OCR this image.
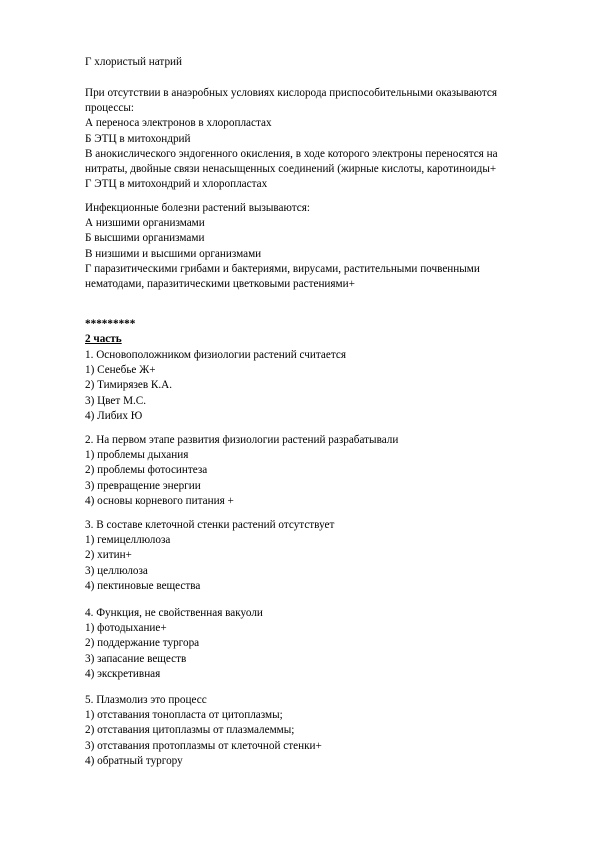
Г хлористый натрий
При отсутствии в анаэробных условиях кислорода приспособительными оказываются
процессы:
А переноса электронов в хлоропластах
Б ЭТЦ в митохондрий
В анокислического эндогенного окисления, в ходе которого электроны переносятся на
нитраты, двойные связи ненасыщенных соединений (жирные кислоты, каротиноиды+
Г ЭТЦ в митохондрий и хлоропластах
Инфекционные болезни растений вызываются:
А низшими организмами
Б высшими организмами
В низшими и высшими организмами
Г паразитическими грибами и бактериями, вирусами, растительными почвенными
нематодами, паразитическими цветковыми растениями+
*********
2 часть
1. Основоположником физиологии растений считается
1) Сенебье Ж+
2) Тимирязев К.А.
3) Цвет М.С.
4) Либих Ю
2. На первом этапе развития физиологии растений разрабатывали
1) проблемы дыхания
2) проблемы фотосинтеза
3) превращение энергии
4) основы корневого питания +
3. В составе клеточной стенки растений отсутствует
1) гемицеллюлоза
2) хитин+
3) целлюлоза
4) пектиновые вещества
4. Функция, не свойственная вакуоли
1) фотодыхание+
2) поддержание тургора
3) запасание веществ
4) экскретивная
5. Плазмолиз это процесс
1) отставания тонопласта от цитоплазмы;
2) отставания цитоплазмы от плазмалеммы;
3) отставания протоплазмы от клеточной стенки+
4) обратный тургору
